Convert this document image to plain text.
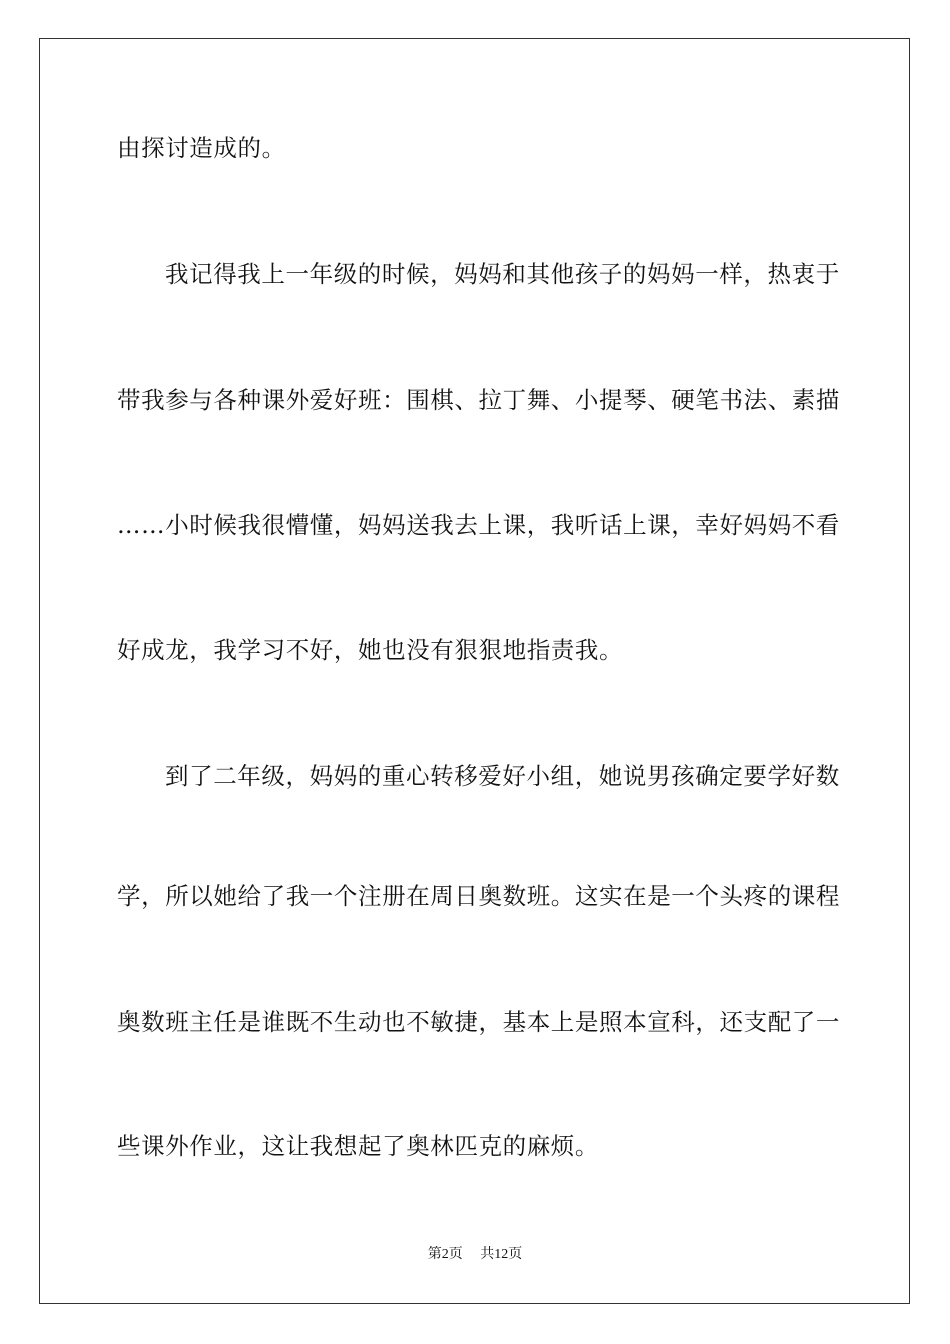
由探讨造成的。
我记得我上一年级的时候，妈妈和其他孩子的妈妈一样，热衷于
带我参与各种课外爱好班：围棋、拉丁舞、小提琴、硬笔书法、素描
……小时候我很懵懂，妈妈送我去上课，我听话上课，幸好妈妈不看
好成龙，我学习不好，她也没有狠狠地指责我。
到了二年级，妈妈的重心转移爱好小组，她说男孩确定要学好数
学，所以她给了我一个注册在周日奥数班。这实在是一个头疼的课程
奥数班主任是谁既不生动也不敏捷，基本上是照本宣科，还支配了一
些课外作业，这让我想起了奥林匹克的麻烦。
第2页 共12页
